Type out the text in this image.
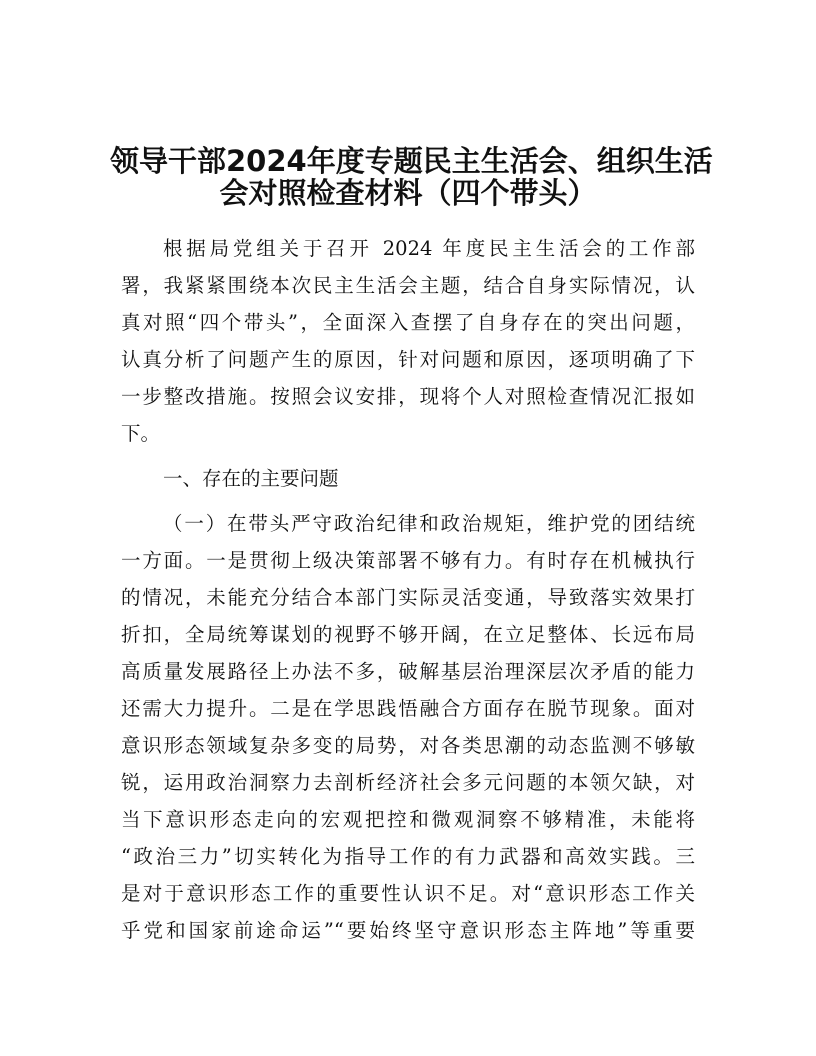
领导干部2024年度专题民主生活会、组织生活
会对照检查材料（四个带头）

根据局党组关于召开 2024 年度民主生活会的工作部

署，我紧紧围绕本次民主生活会主题，结合自身实际情况，认

真对照“四个带头”，全面深入查摆了自身存在的突出问题，

认真分析了问题产生的原因，针对问题和原因，逐项明确了下

一步整改措施。按照会议安排，现将个人对照检查情况汇报如

下。

一、存在的主要问题

（一）在带头严守政治纪律和政治规矩，维护党的团结统

一方面。一是贯彻上级决策部署不够有力。有时存在机械执行

的情况，未能充分结合本部门实际灵活变通，导致落实效果打

折扣，全局统筹谋划的视野不够开阔，在立足整体、长远布局

高质量发展路径上办法不多，破解基层治理深层次矛盾的能力

还需大力提升。二是在学思践悟融合方面存在脱节现象。面对

意识形态领域复杂多变的局势，对各类思潮的动态监测不够敏

锐，运用政治洞察力去剖析经济社会多元问题的本领欠缺，对

当下意识形态走向的宏观把控和微观洞察不够精准，未能将

“政治三力”切实转化为指导工作的有力武器和高效实践。三

是对于意识形态工作的重要性认识不足。对“意识形态工作关

乎党和国家前途命运”“要始终坚守意识形态主阵地”等重要
